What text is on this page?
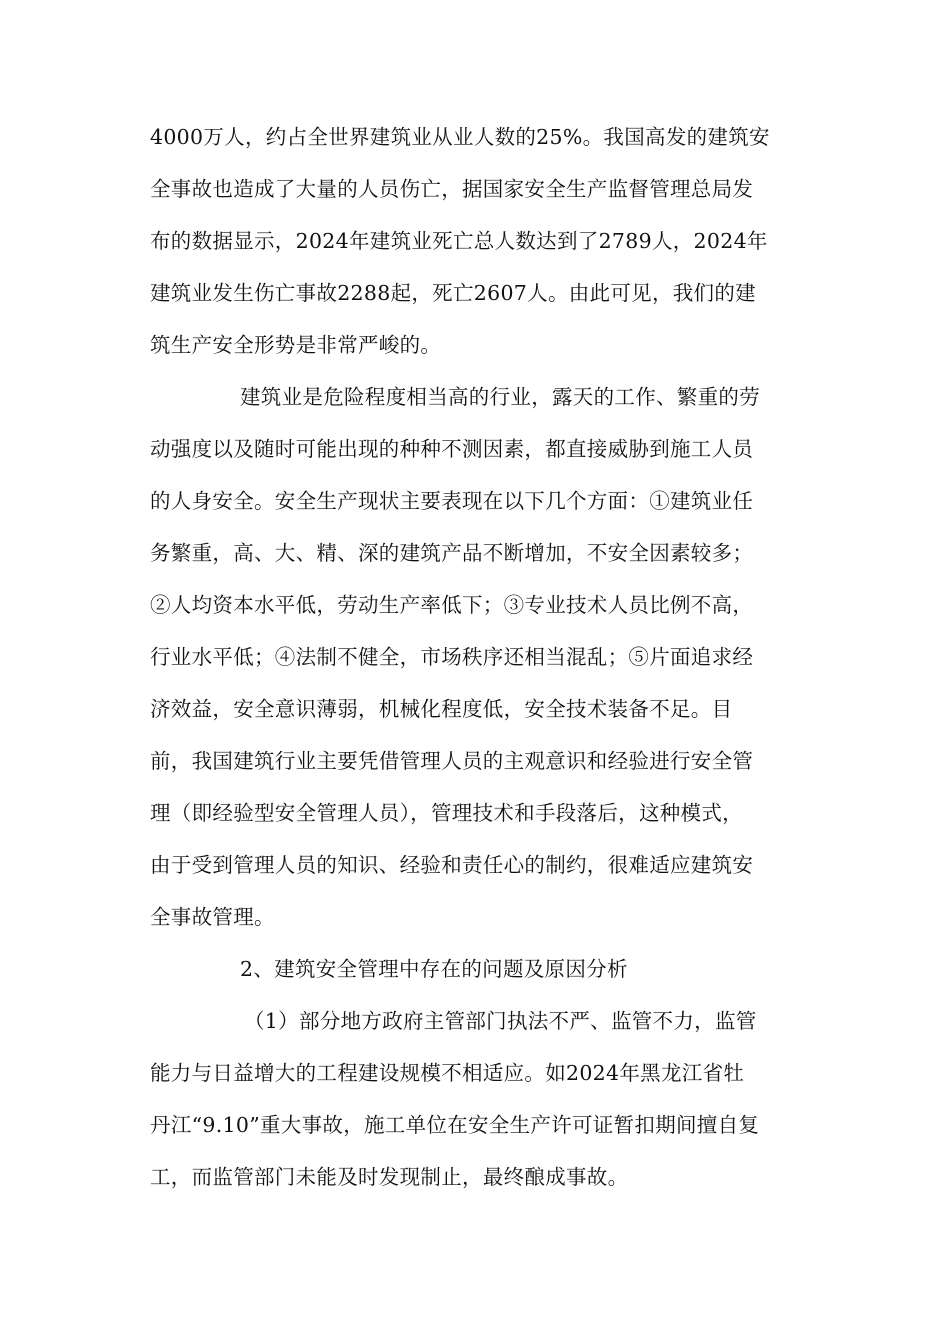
4000万人，约占全世界建筑业从业人数的25%。我国高发的建筑安
全事故也造成了大量的人员伤亡，据国家安全生产监督管理总局发
布的数据显示，2024年建筑业死亡总人数达到了2789人，2024年
建筑业发生伤亡事故2288起，死亡2607人。由此可见，我们的建
筑生产安全形势是非常严峻的。
建筑业是危险程度相当高的行业，露天的工作、繁重的劳
动强度以及随时可能出现的种种不测因素，都直接威胁到施工人员
的人身安全。安全生产现状主要表现在以下几个方面：①建筑业任
务繁重，高、大、精、深的建筑产品不断增加，不安全因素较多；
②人均资本水平低，劳动生产率低下；③专业技术人员比例不高，
行业水平低；④法制不健全，市场秩序还相当混乱；⑤片面追求经
济效益，安全意识薄弱，机械化程度低，安全技术装备不足。目
前，我国建筑行业主要凭借管理人员的主观意识和经验进行安全管
理（即经验型安全管理人员），管理技术和手段落后，这种模式，
由于受到管理人员的知识、经验和责任心的制约，很难适应建筑安
全事故管理。
2、建筑安全管理中存在的问题及原因分析
（1）部分地方政府主管部门执法不严、监管不力，监管
能力与日益增大的工程建设规模不相适应。如2024年黑龙江省牡
丹江“9.10”重大事故，施工单位在安全生产许可证暂扣期间擅自复
工，而监管部门未能及时发现制止，最终酿成事故。
